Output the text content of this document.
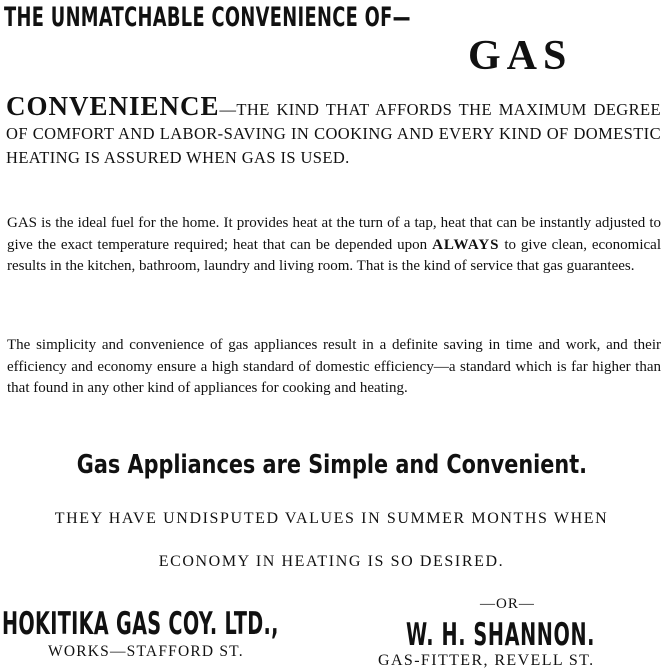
THE UNMATCHABLE CONVENIENCE OF—
GAS
CONVENIENCE—THE KIND THAT AFFORDS THE MAXIMUM DEGREE OF COMFORT AND LABOR-SAVING IN COOKING AND EVERY KIND OF DOMESTIC HEATING IS ASSURED WHEN GAS IS USED.
GAS is the ideal fuel for the home. It provides heat at the turn of a tap, heat that can be instantly adjusted to give the exact temperature required; heat that can be depended upon ALWAYS to give clean, economical results in the kitchen, bathroom, laundry and living room. That is the kind of service that gas guarantees.
The simplicity and convenience of gas appliances result in a definite saving in time and work, and their efficiency and economy ensure a high standard of domestic efficiency—a standard which is far higher than that found in any other kind of appliances for cooking and heating.
Gas Appliances are Simple and Convenient.
THEY HAVE UNDISPUTED VALUES IN SUMMER MONTHS WHEN
ECONOMY IN HEATING IS SO DESIRED.
HOKITIKA GAS COY. LTD.,
WORKS—STAFFORD ST.
—OR—
W. H. SHANNON.
GAS-FITTER, REVELL ST.
